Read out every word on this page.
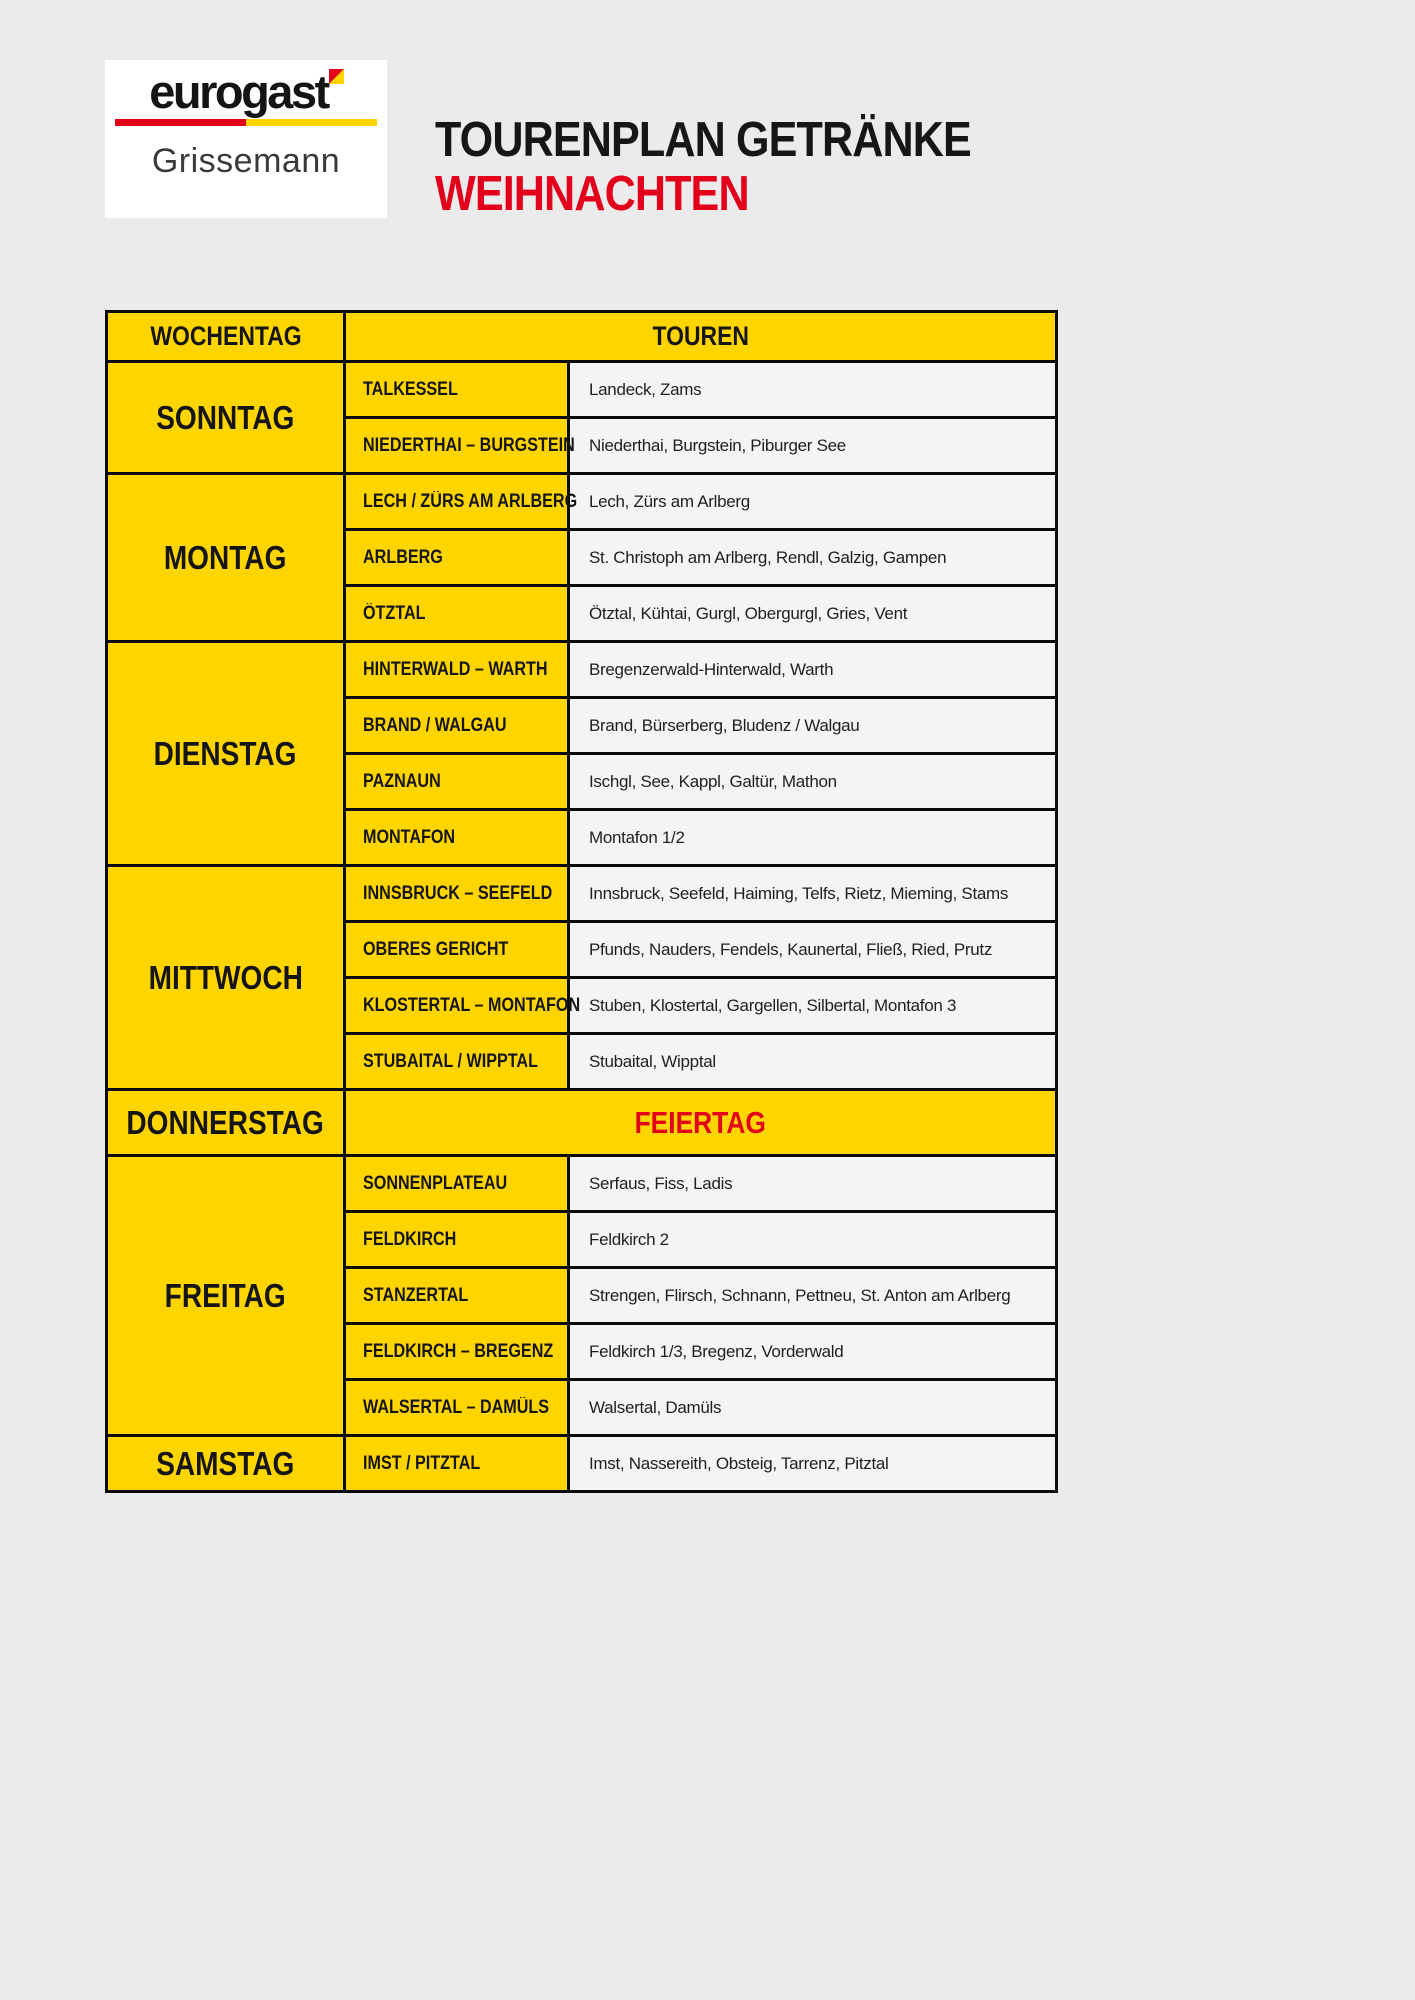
eurogast
Grissemann TOURENPLAN GETRÄNKE
WEIHNACHTEN
WOCHENTAG	TOUREN	
SONNTAG	TALKESSEL	Landeck, Zams
	NIEDERTHAI – BURGSTEIN	Niederthai, Burgstein, Piburger See
MONTAG	LECH / ZÜRS AM ARLBERG	Lech, Zürs am Arlberg
	ARLBERG	St. Christoph am Arlberg, Rendl, Galzig, Gampen
	ÖTZTAL	Ötztal, Kühtai, Gurgl, Obergurgl, Gries, Vent
DIENSTAG	HINTERWALD – WARTH	Bregenzerwald-Hinterwald, Warth
	BRAND / WALGAU	Brand, Bürserberg, Bludenz / Walgau
	PAZNAUN	Ischgl, See, Kappl, Galtür, Mathon
	MONTAFON	Montafon 1/2
MITTWOCH	INNSBRUCK – SEEFELD	Innsbruck, Seefeld, Haiming, Telfs, Rietz, Mieming, Stams
	OBERES GERICHT	Pfunds, Nauders, Fendels, Kaunertal, Fließ, Ried, Prutz
	KLOSTERTAL – MONTAFON	Stuben, Klostertal, Gargellen, Silbertal, Montafon 3
	STUBAITAL / WIPPTAL	Stubaital, Wipptal
DONNERSTAG	FEIERTAG	
FREITAG	SONNENPLATEAU	Serfaus, Fiss, Ladis
	FELDKIRCH	Feldkirch 2
	STANZERTAL	Strengen, Flirsch, Schnann, Pettneu, St. Anton am Arlberg
	FELDKIRCH – BREGENZ	Feldkirch 1/3, Bregenz, Vorderwald
	WALSERTAL – DAMÜLS	Walsertal, Damüls
SAMSTAG	IMST / PITZTAL	Imst, Nassereith, Obsteig, Tarrenz, Pitztal
